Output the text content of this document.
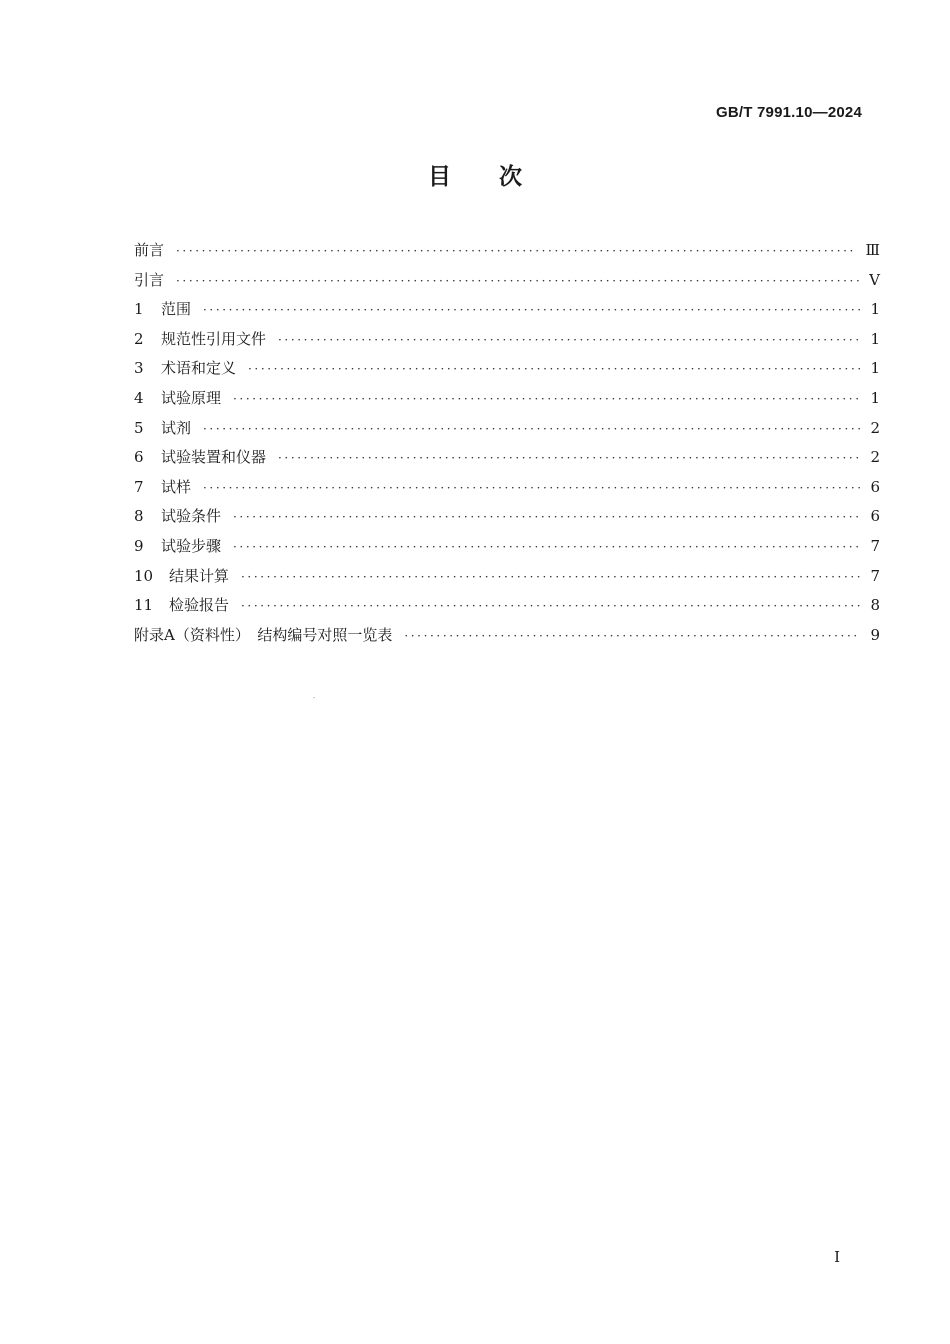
GB/T 7991.10—2024
目次
前言 ·····	Ⅲ
引言 ·····	Ⅴ
1 范围 ·····	1
2 规范性引用文件 ·····	1
3 术语和定义 ·····	1
4 试验原理 ·····	1
5 试剂 ·····	2
6 试验装置和仪器 ·····	2
7 试样 ·····	6
8 试验条件 ·····	6
9 试验步骤 ·····	7
10 结果计算 ·····	7
11 检验报告 ·····	8
附录A（资料性）　结构编号对照一览表 ·····	9
I
